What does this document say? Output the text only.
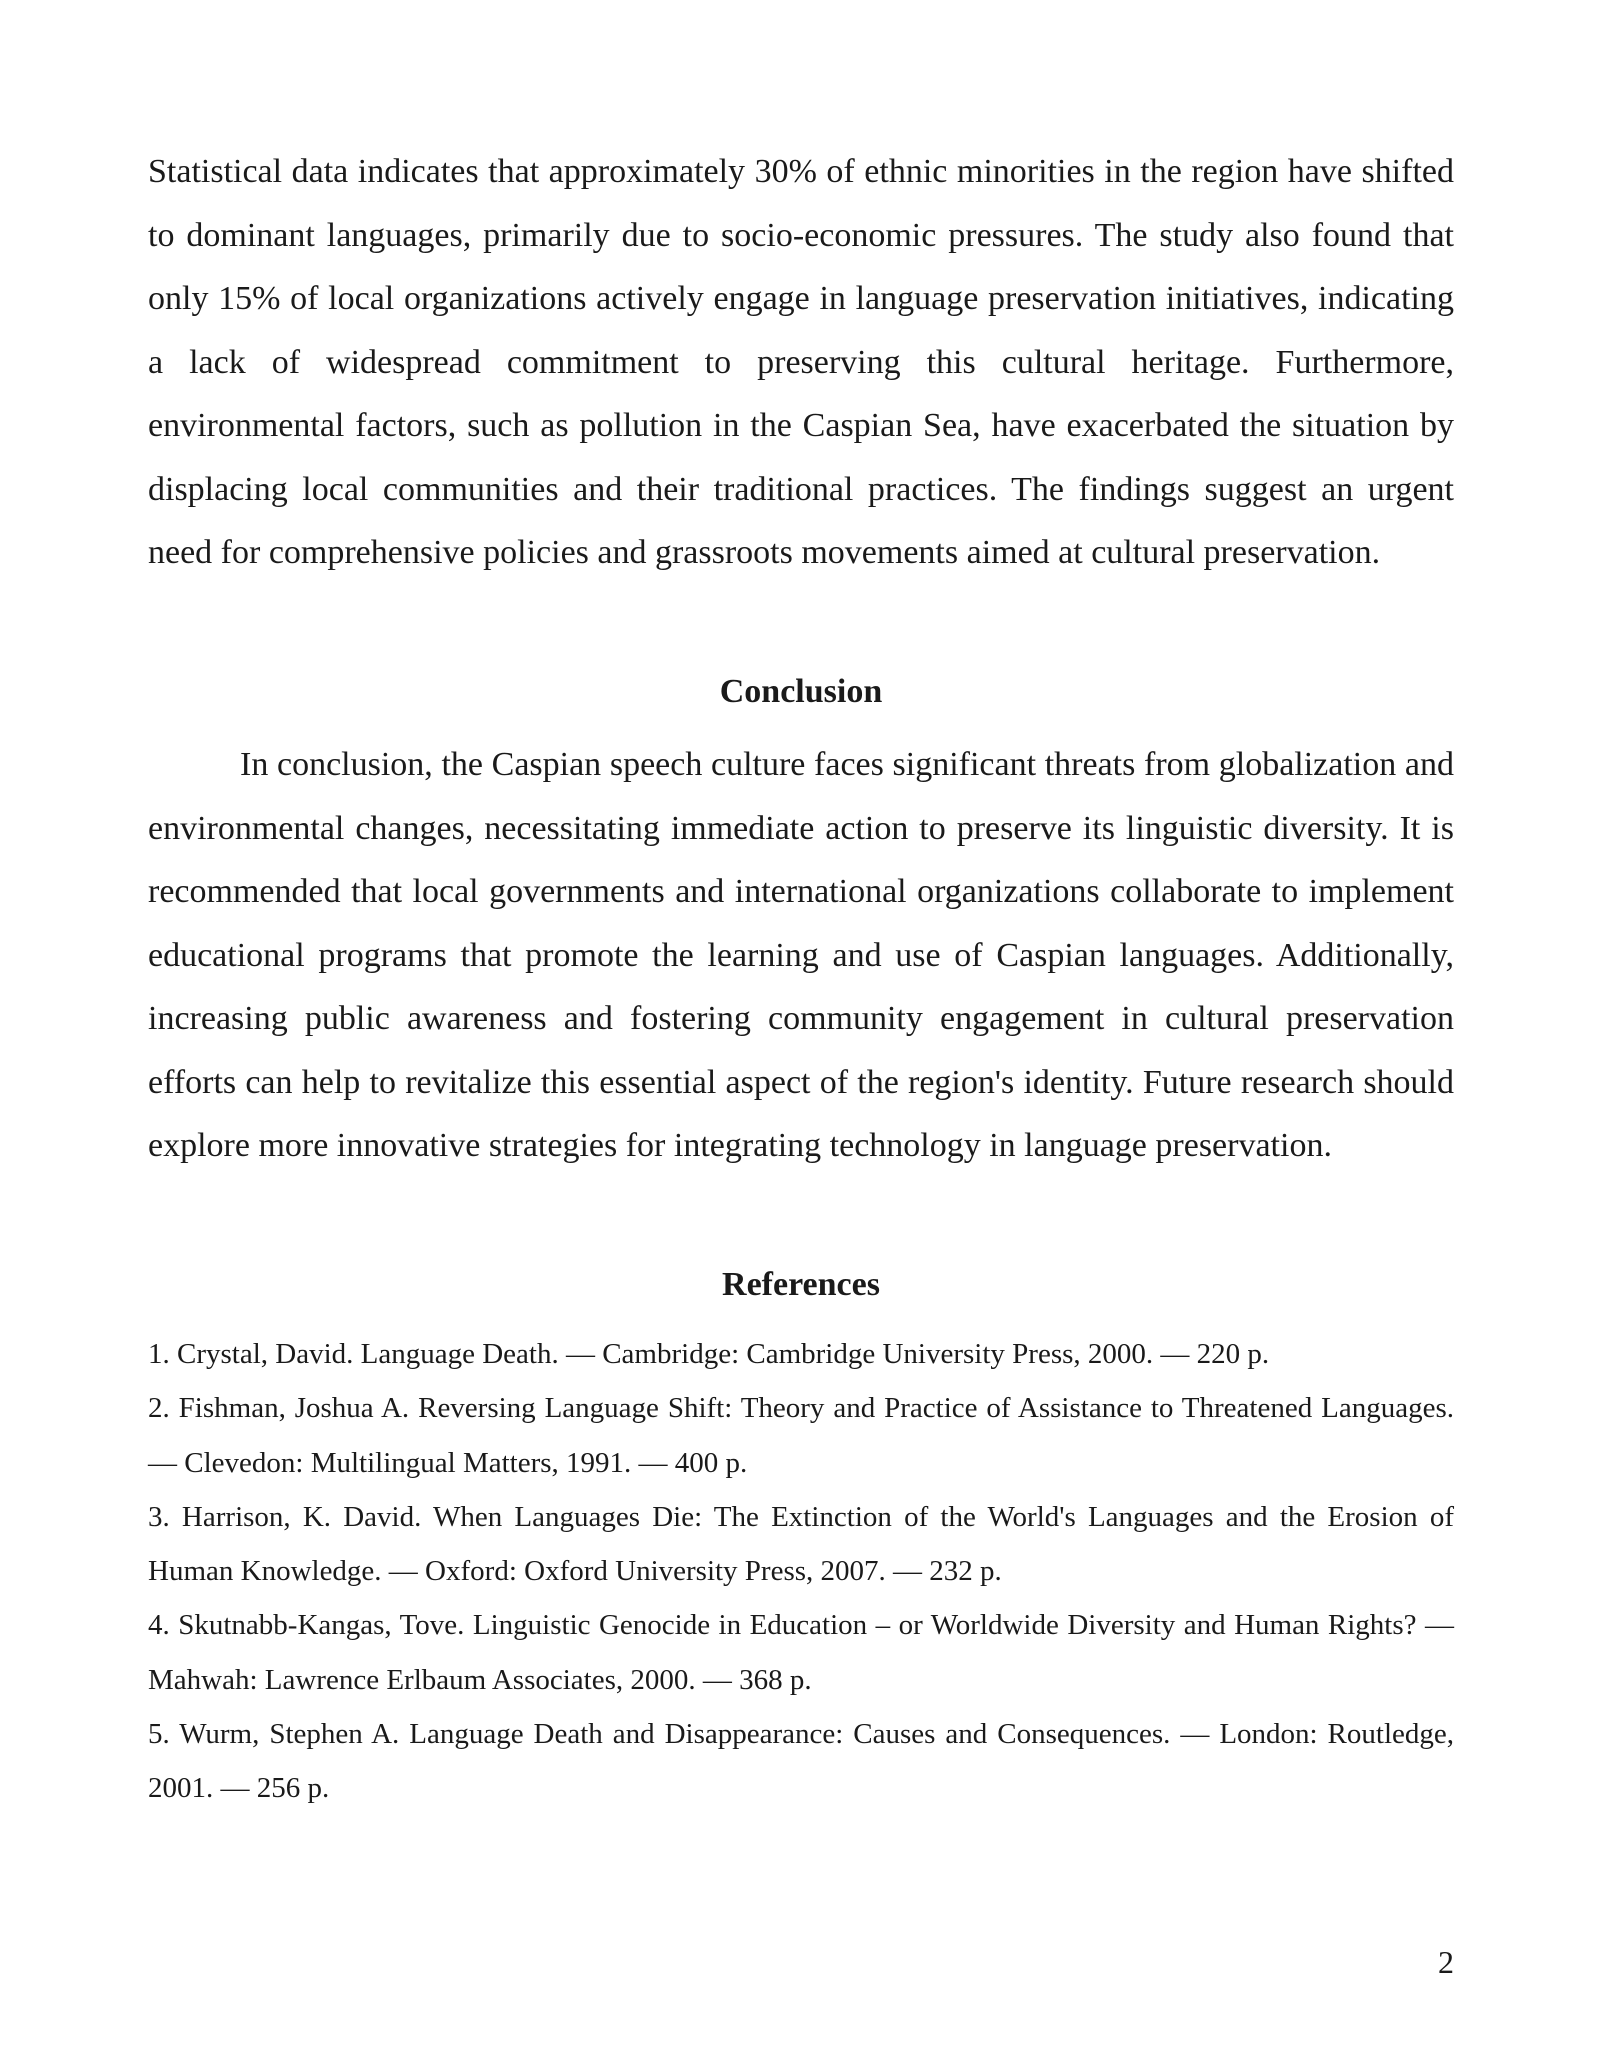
Statistical data indicates that approximately 30% of ethnic minorities in the region have shifted to dominant languages, primarily due to socio-economic pressures. The study also found that only 15% of local organizations actively engage in language preservation initiatives, indicating a lack of widespread commitment to preserving this cultural heritage. Furthermore, environmental factors, such as pollution in the Caspian Sea, have exacerbated the situation by displacing local communities and their traditional practices. The findings suggest an urgent need for comprehensive policies and grassroots movements aimed at cultural preservation.

Conclusion

In conclusion, the Caspian speech culture faces significant threats from globalization and environmental changes, necessitating immediate action to preserve its linguistic diversity. It is recommended that local governments and international organizations collaborate to implement educational programs that promote the learning and use of Caspian languages. Additionally, increasing public awareness and fostering community engagement in cultural preservation efforts can help to revitalize this essential aspect of the region's identity. Future research should explore more innovative strategies for integrating technology in language preservation.

References
1. Crystal, David. Language Death. — Cambridge: Cambridge University Press, 2000. — 220 p.
2. Fishman, Joshua A. Reversing Language Shift: Theory and Practice of Assistance to Threatened Languages. — Clevedon: Multilingual Matters, 1991. — 400 p.
3. Harrison, K. David. When Languages Die: The Extinction of the World's Languages and the Erosion of Human Knowledge. — Oxford: Oxford University Press, 2007. — 232 p.
4. Skutnabb-Kangas, Tove. Linguistic Genocide in Education – or Worldwide Diversity and Human Rights? — Mahwah: Lawrence Erlbaum Associates, 2000. — 368 p.
5. Wurm, Stephen A. Language Death and Disappearance: Causes and Consequences. — London: Routledge, 2001. — 256 p.
2
